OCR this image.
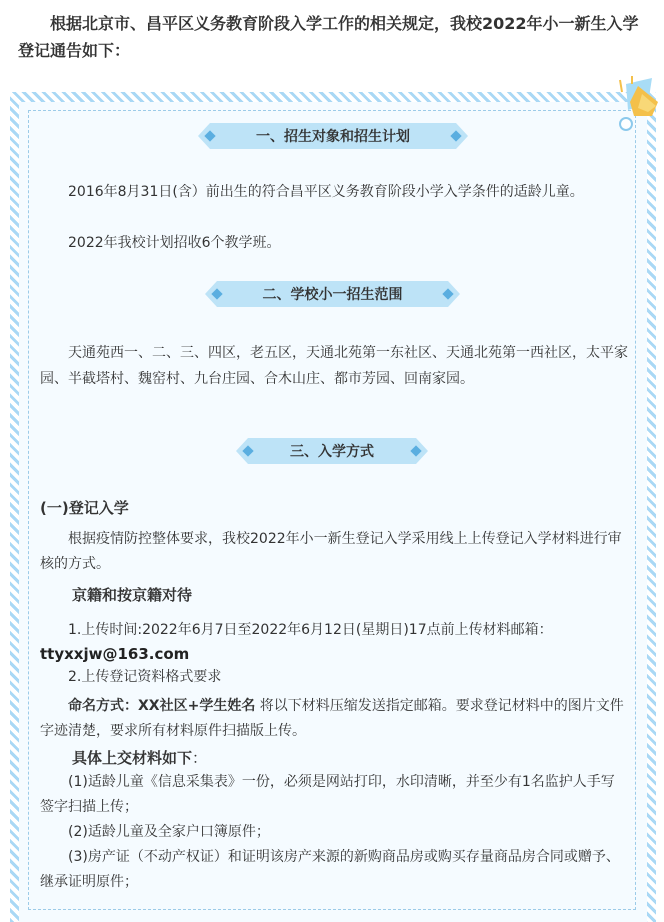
根据北京市、昌平区义务教育阶段入学工作的相关规定，我校2022年小一新生入学登记通告如下：
一、招生对象和招生计划
2016年8月31日(含）前出生的符合昌平区义务教育阶段小学入学条件的适龄儿童。
2022年我校计划招收6个教学班。
二、学校小一招生范围
天通苑西一、二、三、四区，老五区，天通北苑第一东社区、天通北苑第一西社区，太平家园、半截塔村、魏窑村、九台庄园、合木山庄、都市芳园、回南家园。
三、入学方式
(一)登记入学
根据疫情防控整体要求，我校2022年小一新生登记入学采用线上上传登记入学材料进行审核的方式。
京籍和按京籍对待
1.上传时间:2022年6月7日至2022年6月12日(星期日)17点前上传材料邮箱：
ttyxxjw@163.com
2.上传登记资料格式要求
命名方式：XX社区+学生姓名 将以下材料压缩发送指定邮箱。要求登记材料中的图片文件字迹清楚，要求所有材料原件扫描版上传。
具体上交材料如下：
(1)适龄儿童《信息采集表》一份，必须是网站打印，水印清晰，并至少有1名监护人手写签字扫描上传；
(2)适龄儿童及全家户口簿原件；
(3)房产证（不动产权证）和证明该房产来源的新购商品房或购买存量商品房合同或赠予、继承证明原件；
